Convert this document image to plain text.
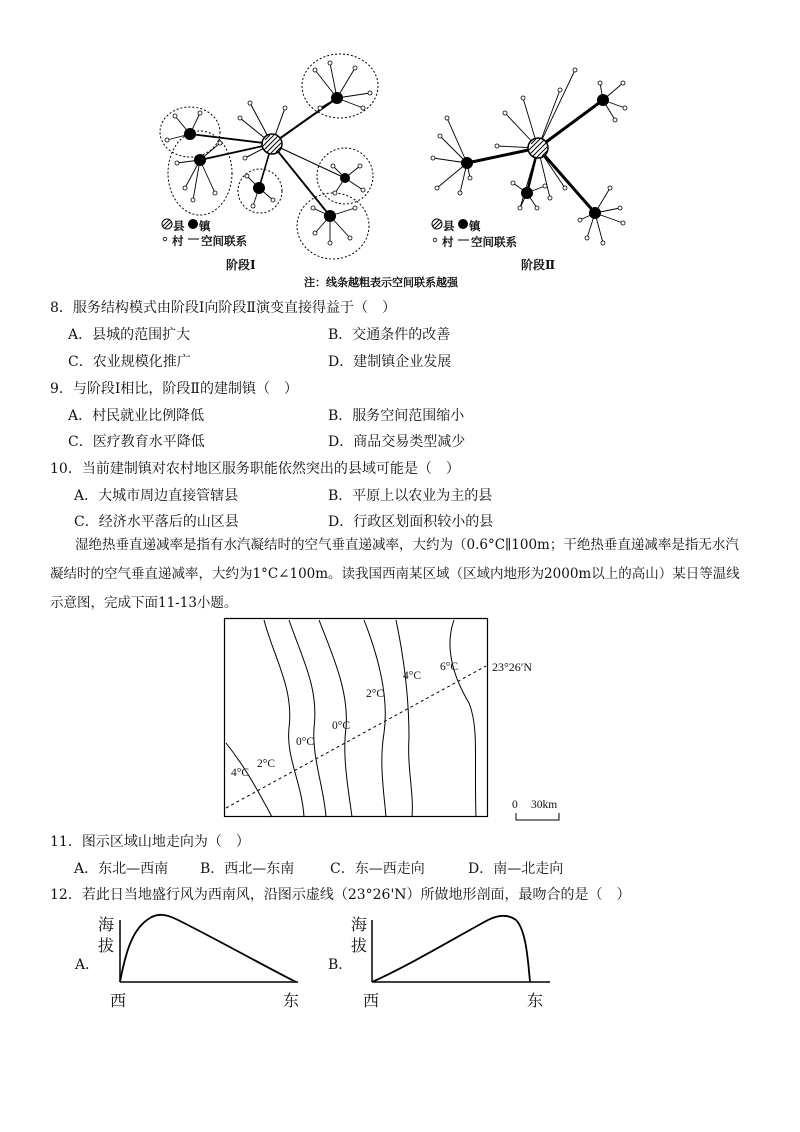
县 镇
村 空间联系
阶段Ⅰ
县 镇
村 空间联系
阶段Ⅱ
注：线条越粗表示空间联系越强
8．服务结构模式由阶段Ⅰ向阶段Ⅱ演变直接得益于（　）
A．县城的范围扩大	B．交通条件的改善
C．农业规模化推广	D．建制镇企业发展
9．与阶段Ⅰ相比，阶段Ⅱ的建制镇（　）
A．村民就业比例降低	B．服务空间范围缩小
C．医疗教育水平降低	D．商品交易类型减少
10．当前建制镇对农村地区服务职能依然突出的县域可能是（　）
A．大城市周边直接管辖县	B．平原上以农业为主的县
C．经济水平落后的山区县	D．行政区划面积较小的县
湿绝热垂直递减率是指有水汽凝结时的空气垂直递减率，大约为（0.6°C∥100m；干绝热垂直递减率是指无水汽
凝结时的空气垂直递减率，大约为1°C∠100m。读我国西南某区域（区域内地形为2000m以上的高山）某日等温线
示意图，完成下面11-13小题。
6°C
4°C
2°C
0°C
0°C
2°C
4°C
23°26′N
0 30km
11．图示区域山地走向为（　）
A．东北—西南 B．西北—东南	C．东—西走向	D．南—北走向
12．若此日当地盛行风为西南风，沿图示虚线（23°26'N）所做地形剖面，最吻合的是（　）
海
拔
A．
西	东
海
拔
B．
西	东
